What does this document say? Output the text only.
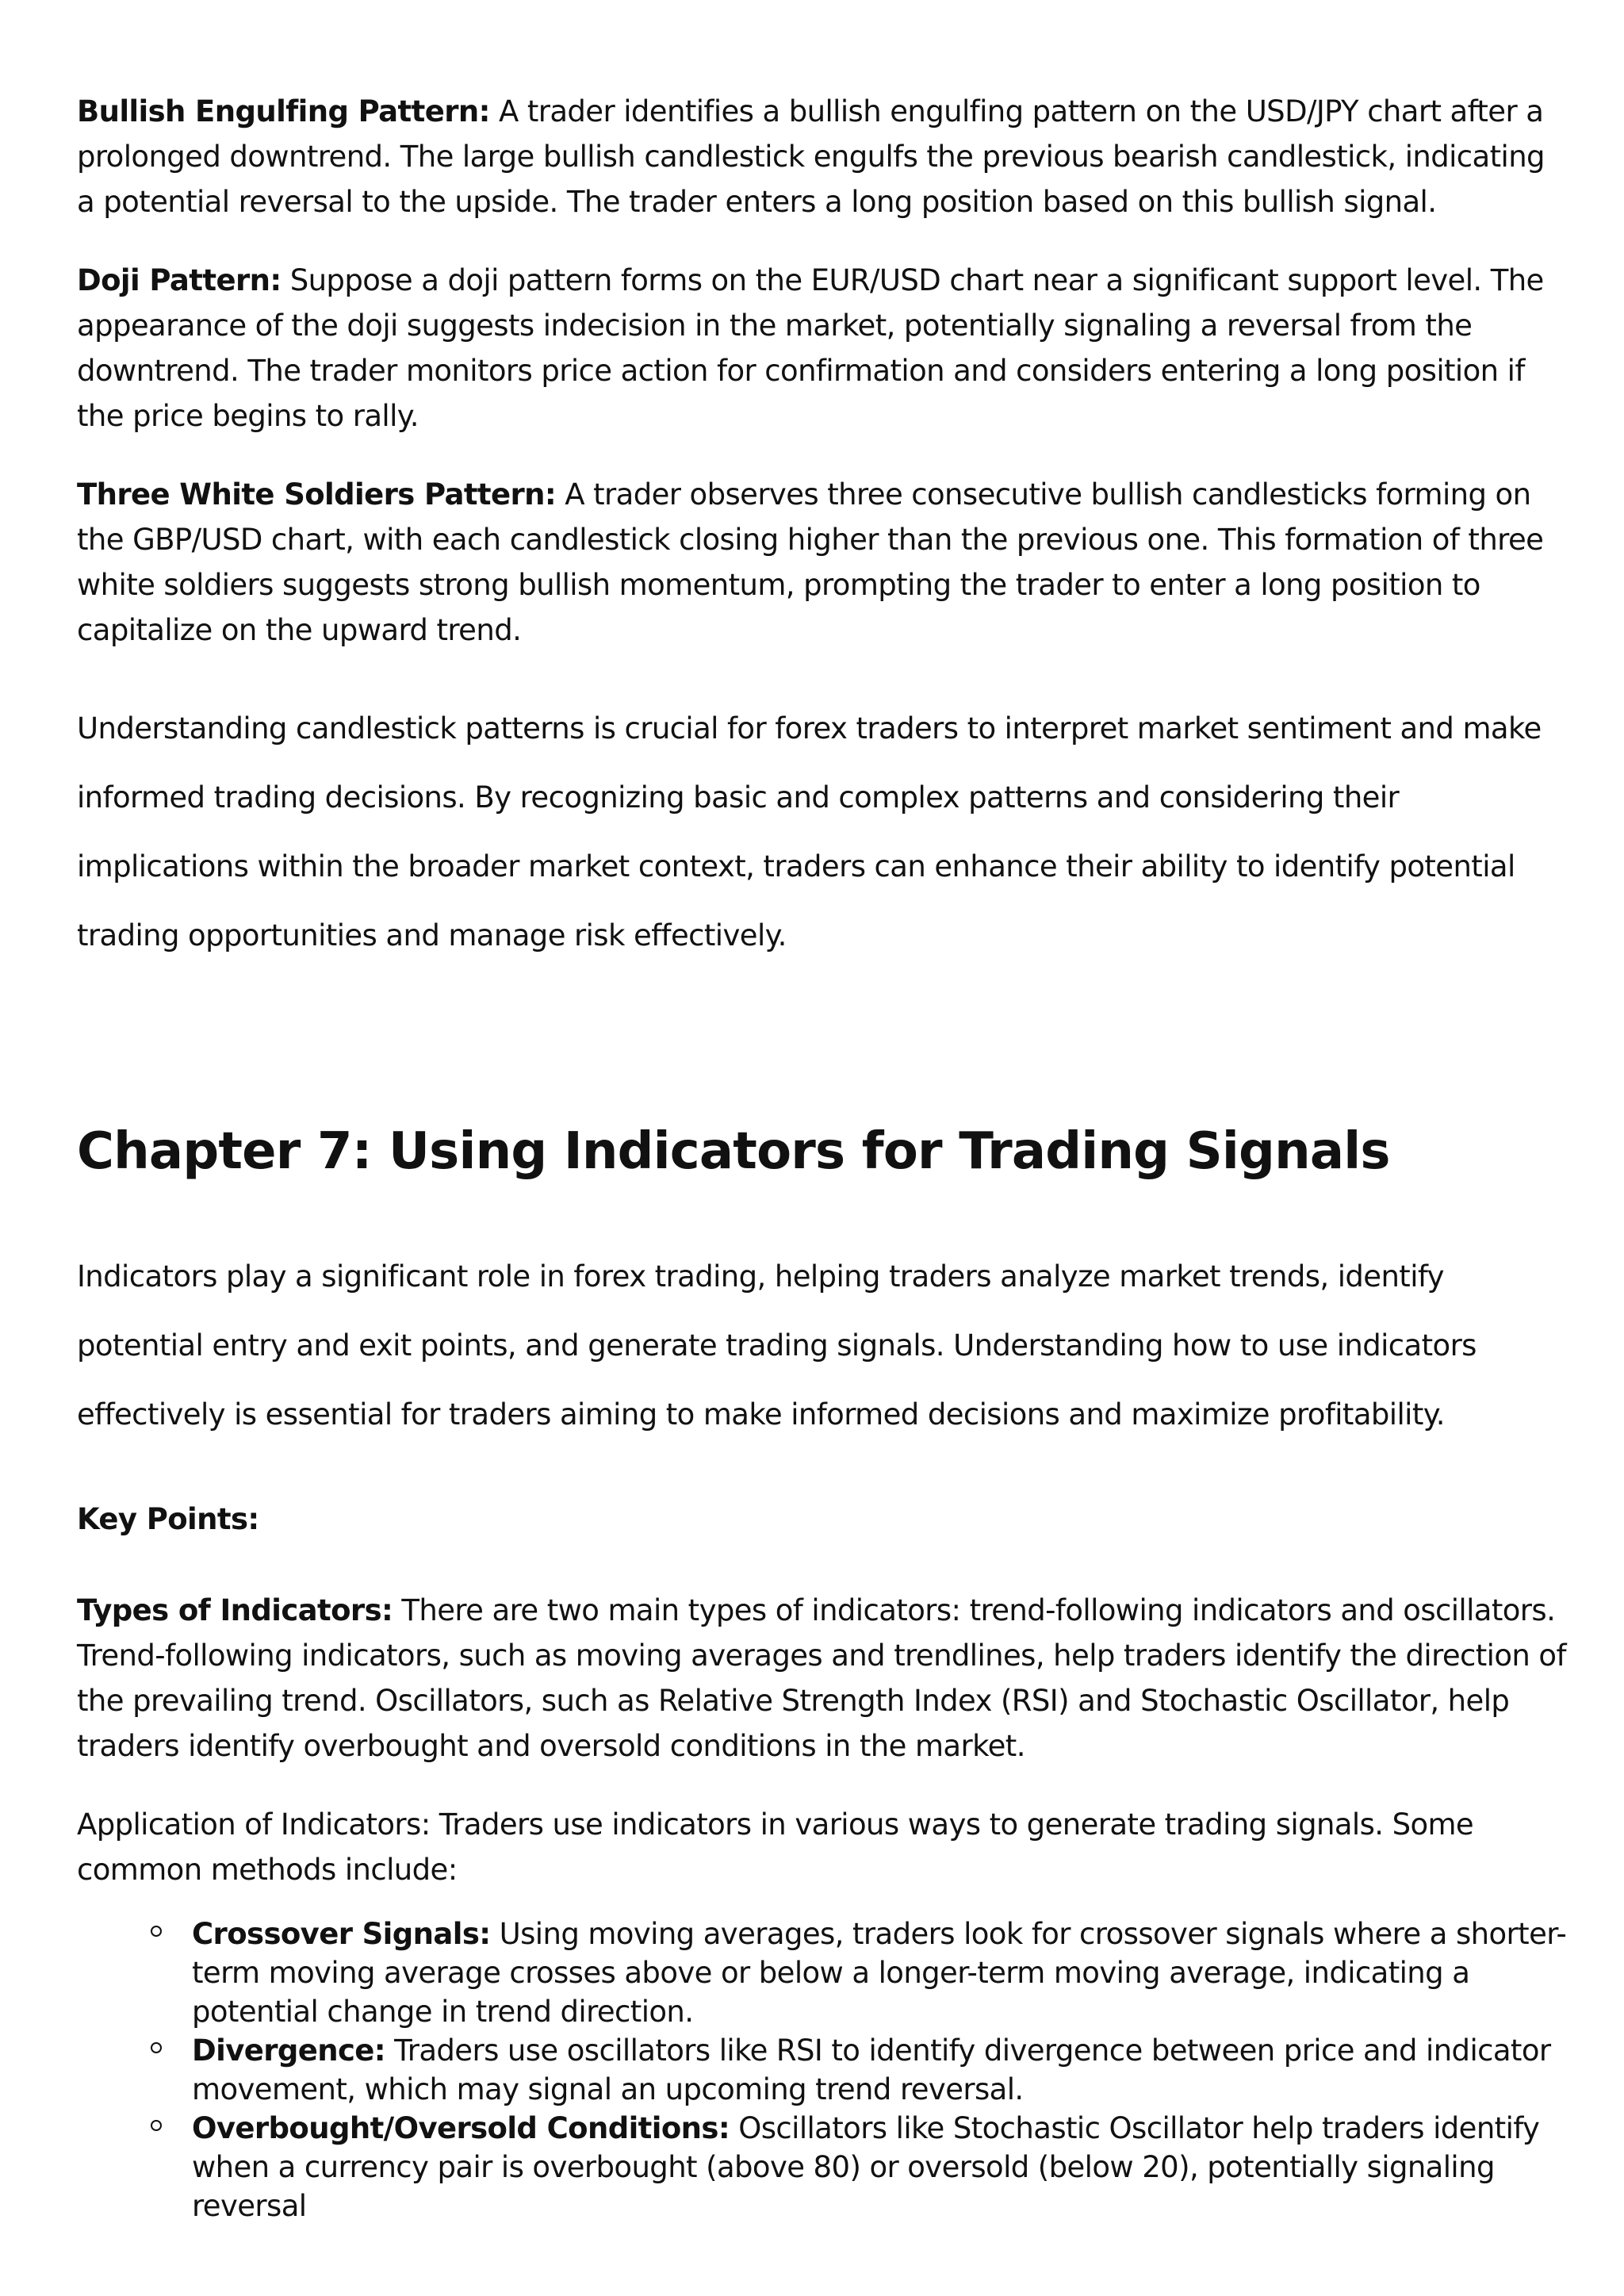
Bullish Engulfing Pattern: A trader identifies a bullish engulfing pattern on the USD/JPY chart after a prolonged downtrend. The large bullish candlestick engulfs the previous bearish candlestick, indicating a potential reversal to the upside. The trader enters a long position based on this bullish signal.

Doji Pattern: Suppose a doji pattern forms on the EUR/USD chart near a significant support level. The appearance of the doji suggests indecision in the market, potentially signaling a reversal from the downtrend. The trader monitors price action for confirmation and considers entering a long position if the price begins to rally.

Three White Soldiers Pattern: A trader observes three consecutive bullish candlesticks forming on the GBP/USD chart, with each candlestick closing higher than the previous one. This formation of three white soldiers suggests strong bullish momentum, prompting the trader to enter a long position to capitalize on the upward trend.

Understanding candlestick patterns is crucial for forex traders to interpret market sentiment and make informed trading decisions. By recognizing basic and complex patterns and considering their implications within the broader market context, traders can enhance their ability to identify potential trading opportunities and manage risk effectively.

Chapter 7: Using Indicators for Trading Signals

Indicators play a significant role in forex trading, helping traders analyze market trends, identify potential entry and exit points, and generate trading signals. Understanding how to use indicators effectively is essential for traders aiming to make informed decisions and maximize profitability.

Key Points:

Types of Indicators: There are two main types of indicators: trend-following indicators and oscillators. Trend-following indicators, such as moving averages and trendlines, help traders identify the direction of the prevailing trend. Oscillators, such as Relative Strength Index (RSI) and Stochastic Oscillator, help traders identify overbought and oversold conditions in the market.

Application of Indicators: Traders use indicators in various ways to generate trading signals. Some common methods include:

Crossover Signals: Using moving averages, traders look for crossover signals where a shorter-term moving average crosses above or below a longer-term moving average, indicating a potential change in trend direction.
Divergence: Traders use oscillators like RSI to identify divergence between price and indicator movement, which may signal an upcoming trend reversal.
Overbought/Oversold Conditions: Oscillators like Stochastic Oscillator help traders identify when a currency pair is overbought (above 80) or oversold (below 20), potentially signaling reversal
